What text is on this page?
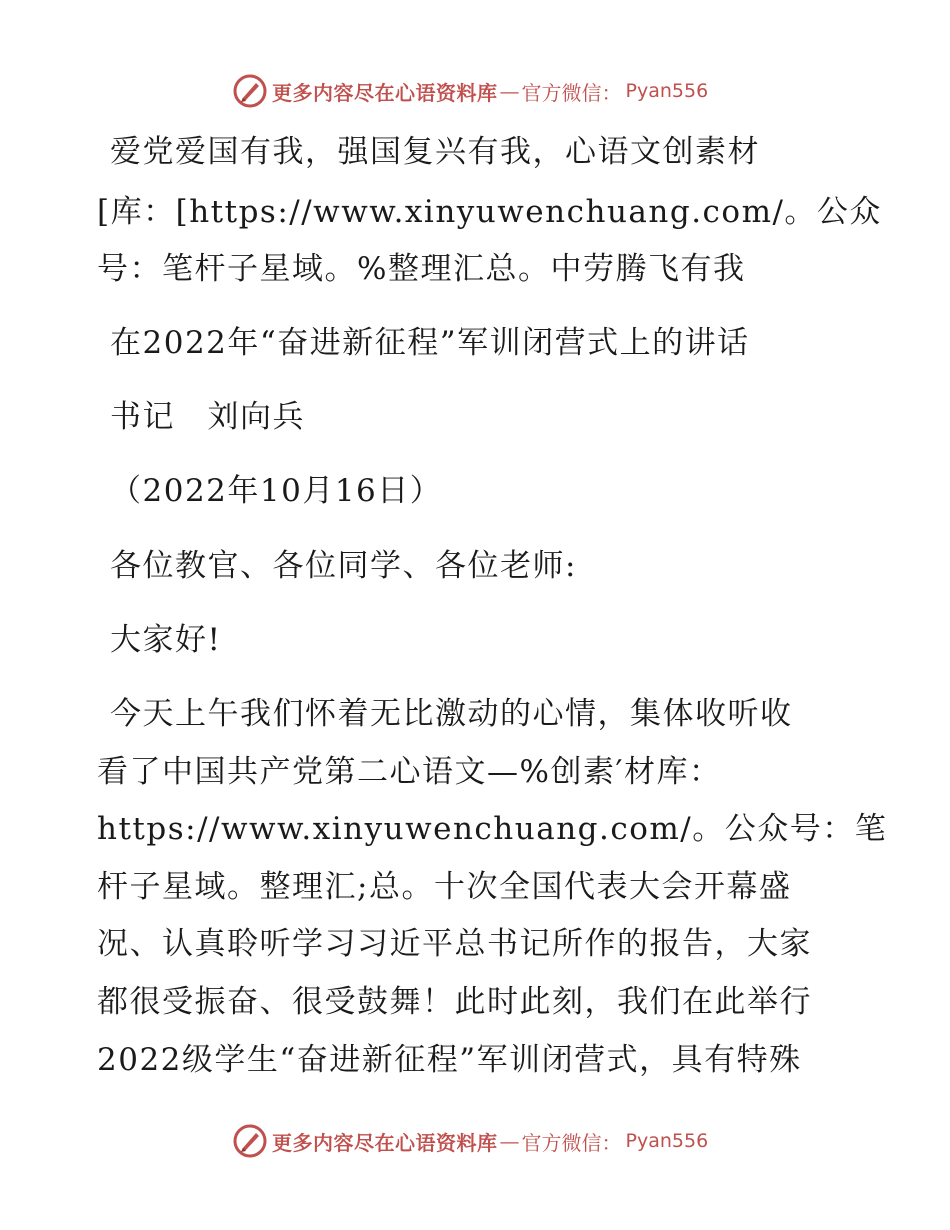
更多内容尽在心语资料库 — 官方微信： Pyan556
爱党爱国有我，强国复兴有我，心语文创素材
[库：[https://www.xinyuwenchuang.com/。公众
号：笔杆子星域。%整理汇总。中劳腾飞有我
在2022年“奋进新征程”军训闭营式上的讲话
书记　刘向兵
（2022年10月16日）
各位教官、各位同学、各位老师:
大家好!
今天上午我们怀着无比激动的心情，集体收听收
看了中国共产党第二心语文—%创素′材库：
https://www.xinyuwenchuang.com/。公众号：笔
杆子星域。整理汇;总。十次全国代表大会开幕盛
况、认真聆听学习习近平总书记所作的报告，大家
都很受振奋、很受鼓舞！此时此刻，我们在此举行
2022级学生“奋进新征程”军训闭营式，具有特殊
更多内容尽在心语资料库 — 官方微信： Pyan556
